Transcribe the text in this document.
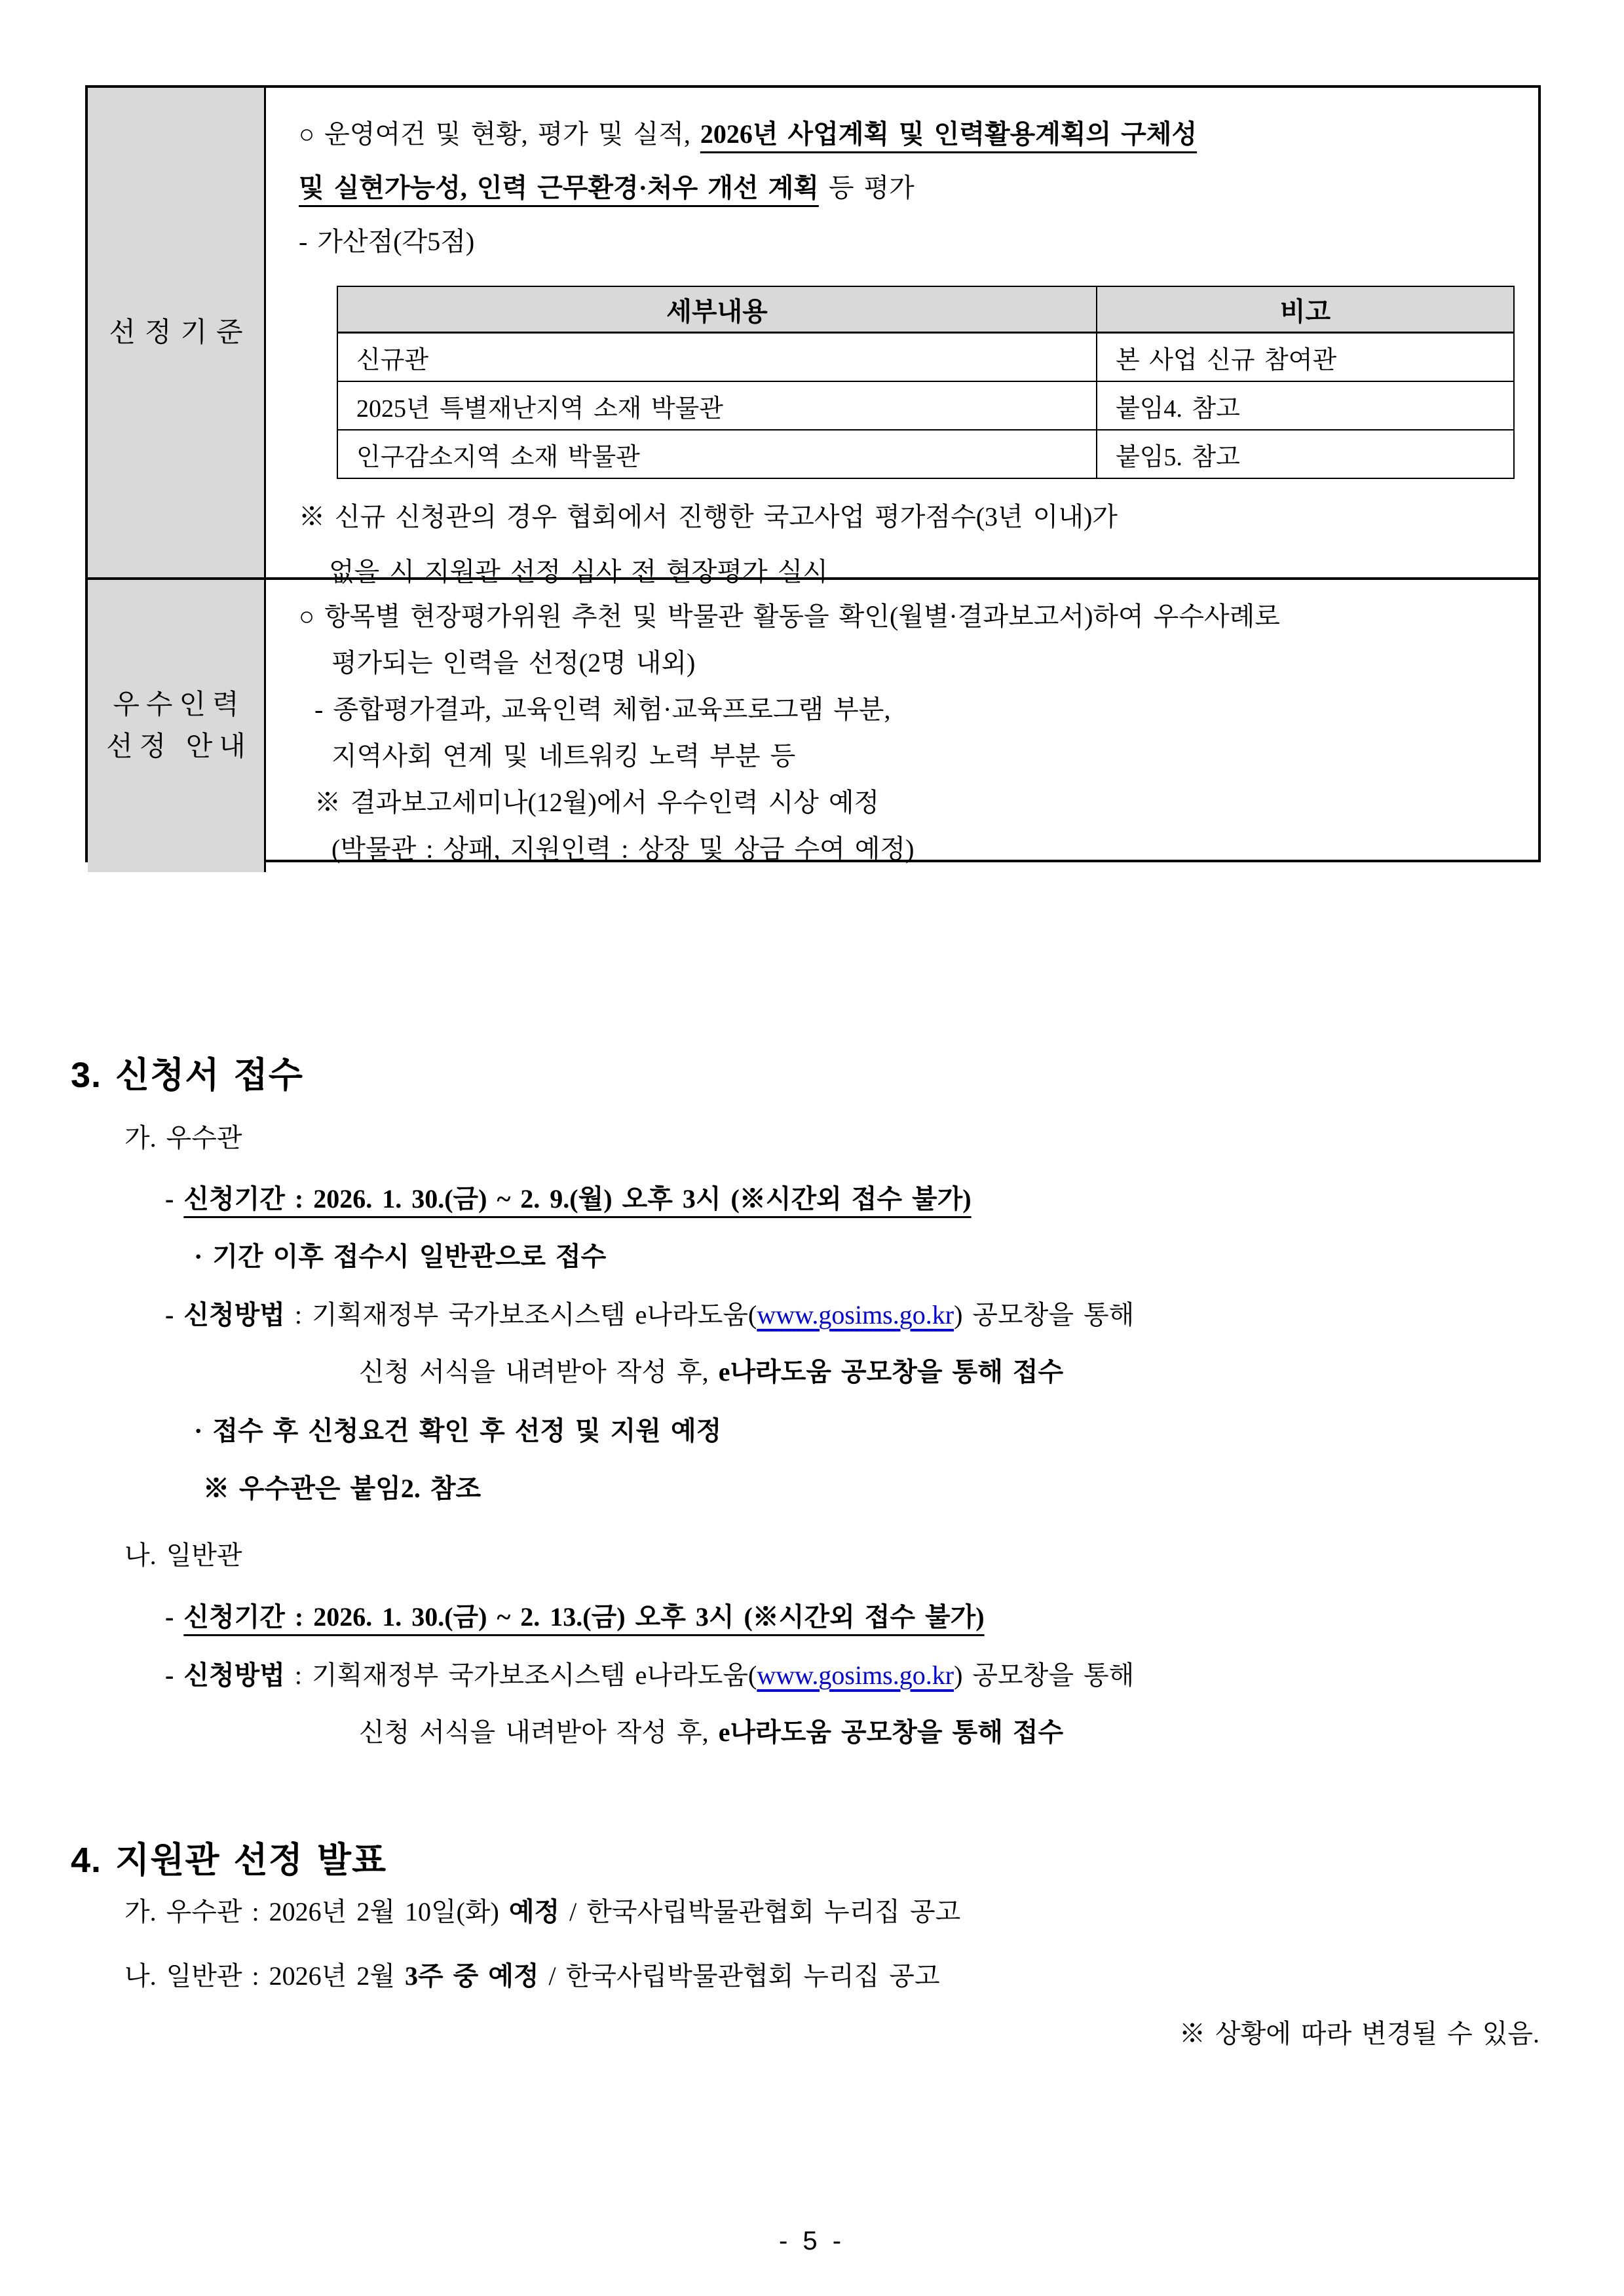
선정기준
○ 운영여건 및 현황, 평가 및 실적, 2026년 사업계획 및 인력활용계획의 구체성
및 실현가능성, 인력 근무환경·처우 개선 계획 등 평가
- 가산점(각5점)
세부내용	비고
신규관	본 사업 신규 참여관
2025년 특별재난지역 소재 박물관	붙임4. 참고
인구감소지역 소재 박물관	붙임5. 참고
※ 신규 신청관의 경우 협회에서 진행한 국고사업 평가점수(3년 이내)가
없을 시 지원관 선정 심사 전 현장평가 실시
우수인력
선정 안내
○ 항목별 현장평가위원 추천 및 박물관 활동을 확인(월별·결과보고서)하여 우수사례로
평가되는 인력을 선정(2명 내외)
- 종합평가결과, 교육인력 체험·교육프로그램 부분,
지역사회 연계 및 네트워킹 노력 부분 등
※ 결과보고세미나(12월)에서 우수인력 시상 예정
(박물관 : 상패, 지원인력 : 상장 및 상금 수여 예정)
3. 신청서 접수
가. 우수관
- 신청기간 : 2026. 1. 30.(금) ~ 2. 9.(월) 오후 3시 (※시간외 접수 불가)
· 기간 이후 접수시 일반관으로 접수
- 신청방법 : 기획재정부 국가보조시스템 e나라도움(www.gosims.go.kr) 공모창을 통해
신청 서식을 내려받아 작성 후, e나라도움 공모창을 통해 접수
· 접수 후 신청요건 확인 후 선정 및 지원 예정
※ 우수관은 붙임2. 참조
나. 일반관
- 신청기간 : 2026. 1. 30.(금) ~ 2. 13.(금) 오후 3시 (※시간외 접수 불가)
- 신청방법 : 기획재정부 국가보조시스템 e나라도움(www.gosims.go.kr) 공모창을 통해
신청 서식을 내려받아 작성 후, e나라도움 공모창을 통해 접수
4. 지원관 선정 발표
가. 우수관 : 2026년 2월 10일(화) 예정 / 한국사립박물관협회 누리집 공고
나. 일반관 : 2026년 2월 3주 중 예정 / 한국사립박물관협회 누리집 공고
※ 상황에 따라 변경될 수 있음.
- 5 -
